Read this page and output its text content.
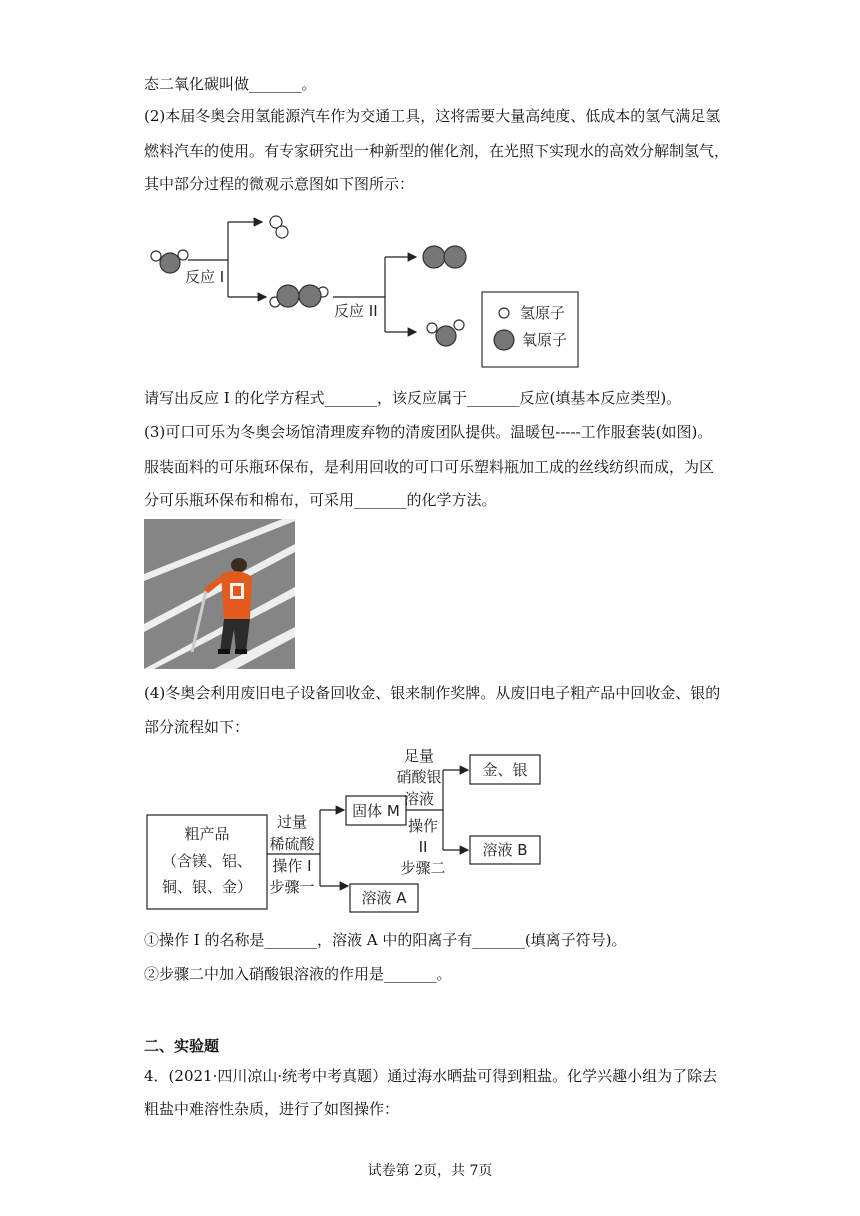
态二氧化碳叫做_______。
(2)本届冬奥会用氢能源汽车作为交通工具，这将需要大量高纯度、低成本的氢气满足氢
燃料汽车的使用。有专家研究出一种新型的催化剂，在光照下实现水的高效分解制氢气，
其中部分过程的微观示意图如下图所示：
反应 I
反应 II	氢原子
氧原子
请写出反应 I 的化学方程式_______，该反应属于_______反应(填基本反应类型)。
(3)可口可乐为冬奥会场馆清理废弃物的清废团队提供。温暖包-----工作服套装(如图)。
服装面料的可乐瓶环保布，是利用回收的可口可乐塑料瓶加工成的丝线纺织而成，为区
分可乐瓶环保布和棉布，可采用_______的化学方法。
(4)冬奥会利用废旧电子设备回收金、银来制作奖牌。从废旧电子粗产品中回收金、银的
部分流程如下：
粗产品
（含镁、铝、
铜、银、金）
过量
稀硫酸
操作 I
步骤一
固体 M
溶液 A
足量
硝酸银
溶液
操作
II
步骤二
金、银
溶液 B
①操作 I 的名称是_______，溶液 A 中的阳离子有_______(填离子符号)。
②步骤二中加入硝酸银溶液的作用是_______。
二、实验题
4．(2021·四川凉山·统考中考真题）通过海水晒盐可得到粗盐。化学兴趣小组为了除去
粗盐中难溶性杂质，进行了如图操作：
试卷第 2页，共 7页
